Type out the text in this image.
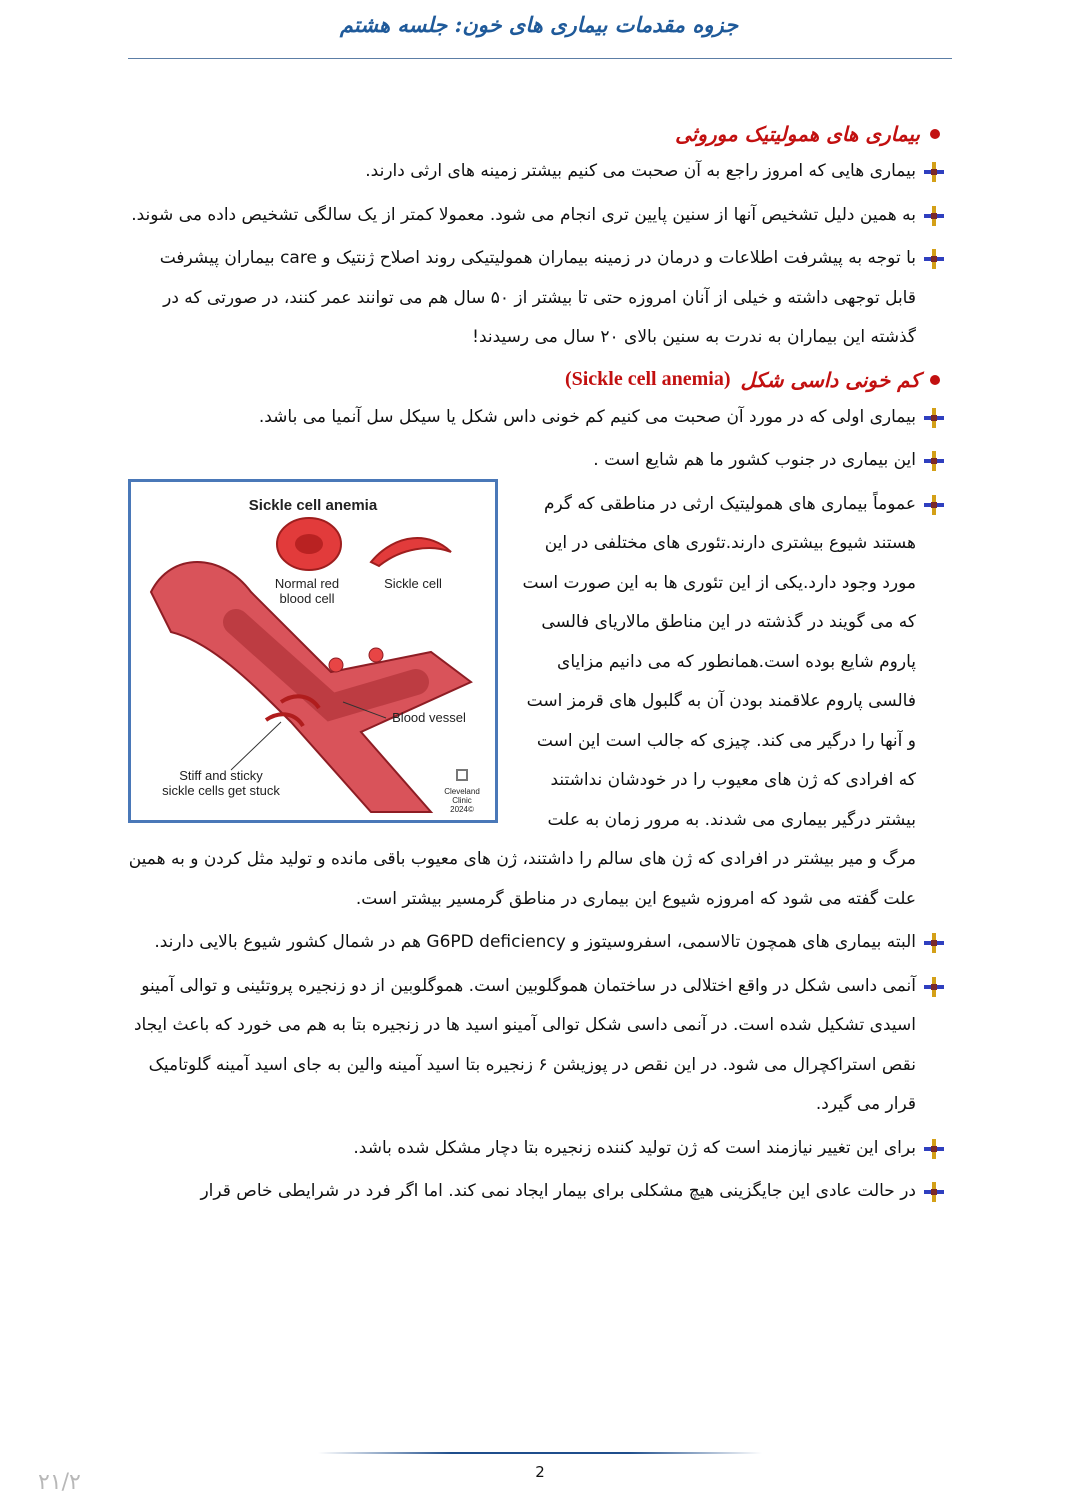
جزوه مقدمات بیماری های خون: جلسه هشتم
بیماری های همولیتیک موروثی
بیماری هایی که امروز راجع به آن صحبت می کنیم بیشتر زمینه های ارثی دارند.
به همین دلیل تشخیص آنها از سنین پایین تری انجام می شود. معمولا کمتر از یک سالگی تشخیص داده می شوند.
با توجه به پیشرفت اطلاعات و درمان در زمینه بیماران همولیتیکی روند اصلاح ژنتیک و care بیماران پیشرفت قابل توجهی داشته و خیلی از آنان امروزه حتی تا بیشتر از ۵۰ سال هم می توانند عمر کنند، در صورتی که در گذشته این بیماران به ندرت به سنین بالای ۲۰ سال می رسیدند!
کم خونی داسی شکل
(Sickle cell anemia)
بیماری اولی که در مورد آن صحبت می کنیم کم خونی داس شکل یا سیکل سل آنمیا می باشد.
این بیماری در جنوب کشور ما هم شایع است .
Sickle cell anemia
Normal red
blood cell
Sickle cell
Blood vessel
Stiff and sticky
sickle cells get stuck	Cleveland
Clinic
©2024
عموماً بیماری های همولیتیک ارثی در مناطقی که گرم هستند شیوع بیشتری دارند.تئوری های مختلفی در این مورد وجود دارد.یکی از این تئوری ها به این صورت است که می گویند در گذشته در این مناطق مالاریای فالسی پاروم شایع بوده است.همانطور که می دانیم مزایای فالسی پاروم علاقمند بودن آن به گلبول های قرمز است و آنها را درگیر می کند. چیزی که جالب است این است که افرادی که ژن های معیوب را در خودشان نداشتند بیشتر درگیر بیماری می شدند. به مرور زمان به علت مرگ و میر بیشتر در افرادی که ژن های سالم را داشتند، ژن های معیوب باقی مانده و تولید مثل کردن و به همین علت گفته می شود که امروزه شیوع این بیماری در مناطق گرمسیر بیشتر است.
البته بیماری های همچون تالاسمی، اسفروسیتوز و G6PD deficiency هم در شمال کشور شیوع بالایی دارند.
آنمی داسی شکل در واقع اختلالی در ساختمان هموگلوبین است. هموگلوبین از دو زنجیره پروتئینی و توالی آمینو اسیدی تشکیل شده است. در آنمی داسی شکل توالی آمینو اسید ها در زنجیره بتا به هم می خورد که باعث ایجاد نقص استراکچرال می شود. در این نقص در پوزیشن ۶ زنجیره بتا اسید آمینه والین به جای اسید آمینه گلوتامیک قرار می گیرد.
برای این تغییر نیازمند است که ژن تولید کننده زنجیره بتا دچار مشکل شده باشد.
در حالت عادی این جایگزینی هیچ مشکلی برای بیمار ایجاد نمی کند. اما اگر فرد در شرایطی خاص قرار
2
۲۱/۲
